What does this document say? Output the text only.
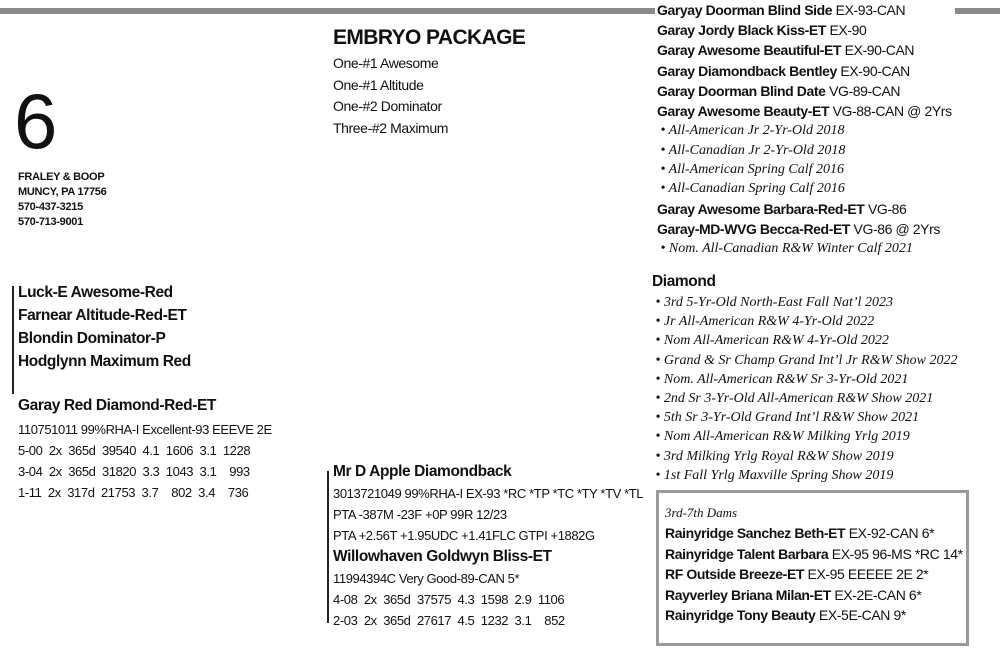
6
FRALEY & BOOP
MUNCY, PA 17756
570-437-3215
570-713-9001
EMBRYO PACKAGE
One-#1 Awesome
One-#1 Altitude
One-#2 Dominator
Three-#2 Maximum
Luck-E Awesome-Red
Farnear Altitude-Red-ET
Blondin Dominator-P
Hodglynn Maximum Red
Garay Red Diamond-Red-ET
110751011 99%RHA-I Excellent-93 EEEVE 2E
5-00  2x  365d  39540  4.1  1606  3.1  1228
3-04  2x  365d  31820  3.3  1043  3.1    993
1-11  2x  317d  21753  3.7    802  3.4    736
Mr D Apple Diamondback
3013721049 99%RHA-I EX-93 *RC *TP *TC *TY *TV *TL
PTA -387M -23F +0P 99R 12/23
PTA +2.56T +1.95UDC +1.41FLC GTPI +1882G
Willowhaven Goldwyn Bliss-ET
11994394C Very Good-89-CAN 5*
4-08  2x  365d  37575  4.3  1598  2.9  1106
2-03  2x  365d  27617  4.5  1232  3.1    852
Garyay Doorman Blind Side EX-93-CAN
Garay Jordy Black Kiss-ET EX-90
Garay Awesome Beautiful-ET EX-90-CAN
Garay Diamondback Bentley EX-90-CAN
Garay Doorman Blind Date VG-89-CAN
Garay Awesome Beauty-ET VG-88-CAN @ 2Yrs
• All-American Jr 2-Yr-Old 2018
• All-Canadian Jr 2-Yr-Old 2018
• All-American Spring Calf 2016
• All-Canadian Spring Calf 2016
Garay Awesome Barbara-Red-ET VG-86
Garay-MD-WVG Becca-Red-ET VG-86 @ 2Yrs
• Nom. All-Canadian R&W Winter Calf 2021
Diamond
• 3rd 5-Yr-Old North-East Fall Nat’l 2023
• Jr All-American R&W 4-Yr-Old 2022
• Nom All-American R&W 4-Yr-Old 2022
• Grand & Sr Champ Grand Int’l Jr R&W Show 2022
• Nom. All-American R&W Sr 3-Yr-Old 2021
• 2nd Sr 3-Yr-Old All-American R&W Show 2021
• 5th Sr 3-Yr-Old Grand Int’l R&W Show 2021
• Nom All-American R&W Milking Yrlg 2019
• 3rd Milking Yrlg Royal R&W Show 2019
• 1st Fall Yrlg Maxville Spring Show 2019
3rd-7th Dams
Rainyridge Sanchez Beth-ET EX-92-CAN 6*
Rainyridge Talent Barbara EX-95 96-MS *RC 14*
RF Outside Breeze-ET EX-95 EEEEE 2E 2*
Rayverley Briana Milan-ET EX-2E-CAN 6*
Rainyridge Tony Beauty EX-5E-CAN 9*
